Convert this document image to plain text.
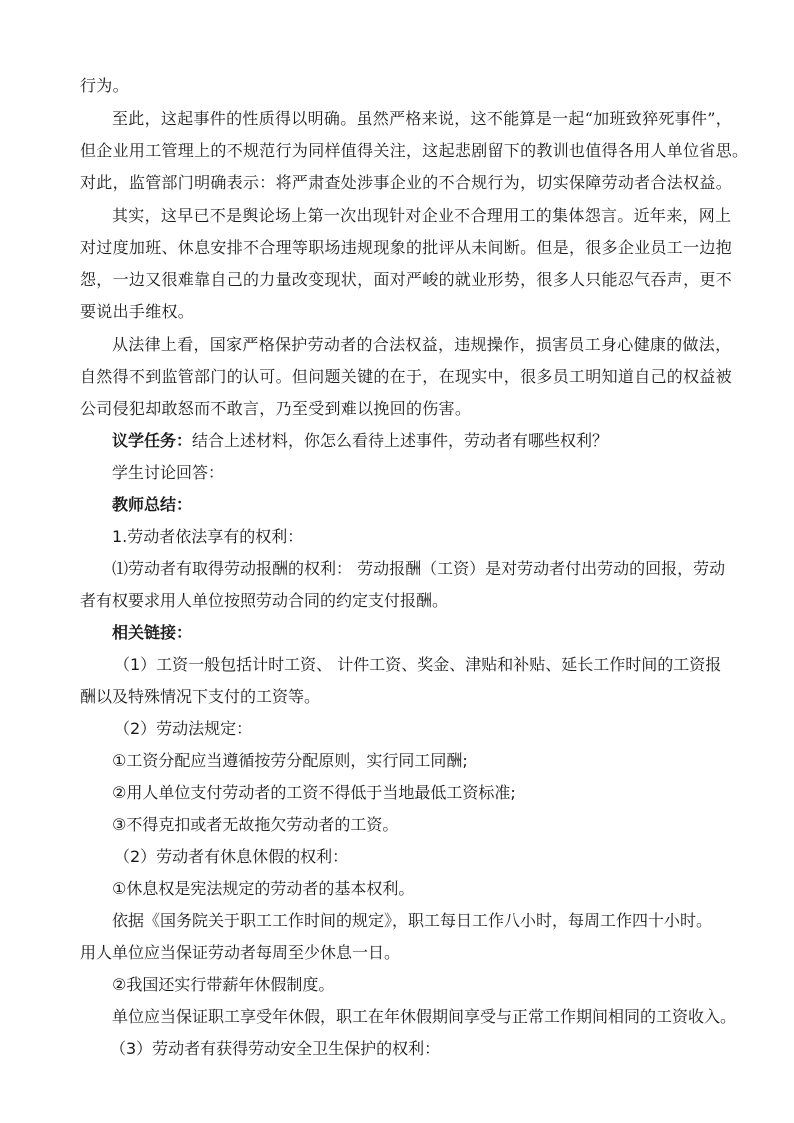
行为。
至此，这起事件的性质得以明确。虽然严格来说，这不能算是一起“加班致猝死事件”，
但企业用工管理上的不规范行为同样值得关注，这起悲剧留下的教训也值得各用人单位省思。
对此，监管部门明确表示：将严肃查处涉事企业的不合规行为，切实保障劳动者合法权益。
其实，这早已不是舆论场上第一次出现针对企业不合理用工的集体怨言。近年来，网上
对过度加班、休息安排不合理等职场违规现象的批评从未间断。但是，很多企业员工一边抱
怨，一边又很难靠自己的力量改变现状，面对严峻的就业形势，很多人只能忍气吞声，更不
要说出手维权。
从法律上看，国家严格保护劳动者的合法权益，违规操作，损害员工身心健康的做法，
自然得不到监管部门的认可。但问题关键的在于，在现实中，很多员工明知道自己的权益被
公司侵犯却敢怒而不敢言，乃至受到难以挽回的伤害。
议学任务：结合上述材料，你怎么看待上述事件，劳动者有哪些权利？
学生讨论回答：
教师总结：
1.劳动者依法享有的权利：
⑴劳动者有取得劳动报酬的权利： 劳动报酬（工资）是对劳动者付出劳动的回报，劳动
者有权要求用人单位按照劳动合同的约定支付报酬。
相关链接：
（1）工资一般包括计时工资、 计件工资、奖金、津贴和补贴、延长工作时间的工资报
酬以及特殊情况下支付的工资等。
（2）劳动法规定：
①工资分配应当遵循按劳分配原则，实行同工同酬;
②用人单位支付劳动者的工资不得低于当地最低工资标准;
③不得克扣或者无故拖欠劳动者的工资。
（2）劳动者有休息休假的权利：
①休息权是宪法规定的劳动者的基本权利。
依据《国务院关于职工工作时间的规定》，职工每日工作八小时，每周工作四十小时。
用人单位应当保证劳动者每周至少休息一日。
②我国还实行带薪年休假制度。
单位应当保证职工享受年休假，职工在年休假期间享受与正常工作期间相同的工资收入。
（3）劳动者有获得劳动安全卫生保护的权利：
